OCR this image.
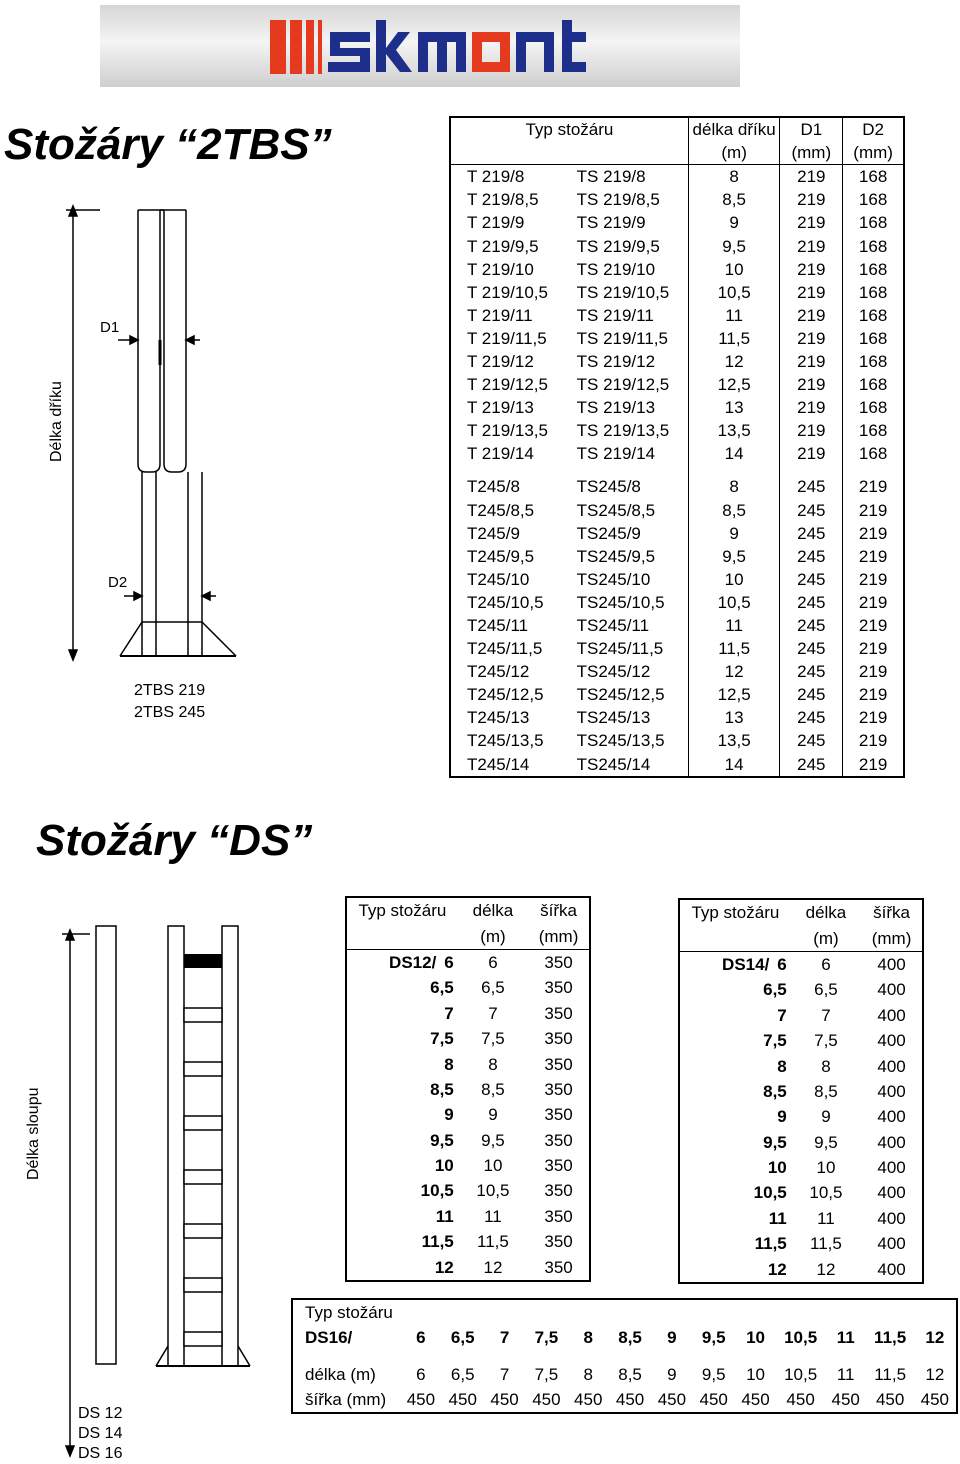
Stožáry “2TBS”
D1
D2
Délka dříku
2TBS 219
2TBS 245
Typ stožáru		délka dříku	D1	D2
		(m)	(mm)	(mm)
T 219/8	TS 219/8	8	219	168
T 219/8,5	TS 219/8,5	8,5	219	168
T 219/9	TS 219/9	9	219	168
T 219/9,5	TS 219/9,5	9,5	219	168
T 219/10	TS 219/10	10	219	168
T 219/10,5	TS 219/10,5	10,5	219	168
T 219/11	TS 219/11	11	219	168
T 219/11,5	TS 219/11,5	11,5	219	168
T 219/12	TS 219/12	12	219	168
T 219/12,5	TS 219/12,5	12,5	219	168
T 219/13	TS 219/13	13	219	168
T 219/13,5	TS 219/13,5	13,5	219	168
T 219/14	TS 219/14	14	219	168

T245/8	TS245/8	8	245	219
T245/8,5	TS245/8,5	8,5	245	219
T245/9	TS245/9	9	245	219
T245/9,5	TS245/9,5	9,5	245	219
T245/10	TS245/10	10	245	219
T245/10,5	TS245/10,5	10,5	245	219
T245/11	TS245/11	11	245	219
T245/11,5	TS245/11,5	11,5	245	219
T245/12	TS245/12	12	245	219
T245/12,5	TS245/12,5	12,5	245	219
T245/13	TS245/13	13	245	219
T245/13,5	TS245/13,5	13,5	245	219
T245/14	TS245/14	14	245	219
Stožáry “DS”
Délka sloupu
DS 12
DS 14
DS 16
Typ stožáru	délka	šířka
	(m)	(mm)
DS12/ 6	6	350
6,5	6,5	350
7	7	350
7,5	7,5	350
8	8	350
8,5	8,5	350
9	9	350
9,5	9,5	350
10	10	350
10,5	10,5	350
11	11	350
11,5	11,5	350
12	12	350
Typ stožáru	délka	šířka
	(m)	(mm)
DS14/ 6	6	400
6,5	6,5	400
7	7	400
7,5	7,5	400
8	8	400
8,5	8,5	400
9	9	400
9,5	9,5	400
10	10	400
10,5	10,5	400
11	11	400
11,5	11,5	400
12	12	400
Typ stožáru													
DS16/	6	6,5	7	7,5	8	8,5	9	9,5	10	10,5	11	11,5	12

délka (m)	6	6,5	7	7,5	8	8,5	9	9,5	10	10,5	11	11,5	12
šířka (mm)	450	450	450	450	450	450	450	450	450	450	450	450	450
